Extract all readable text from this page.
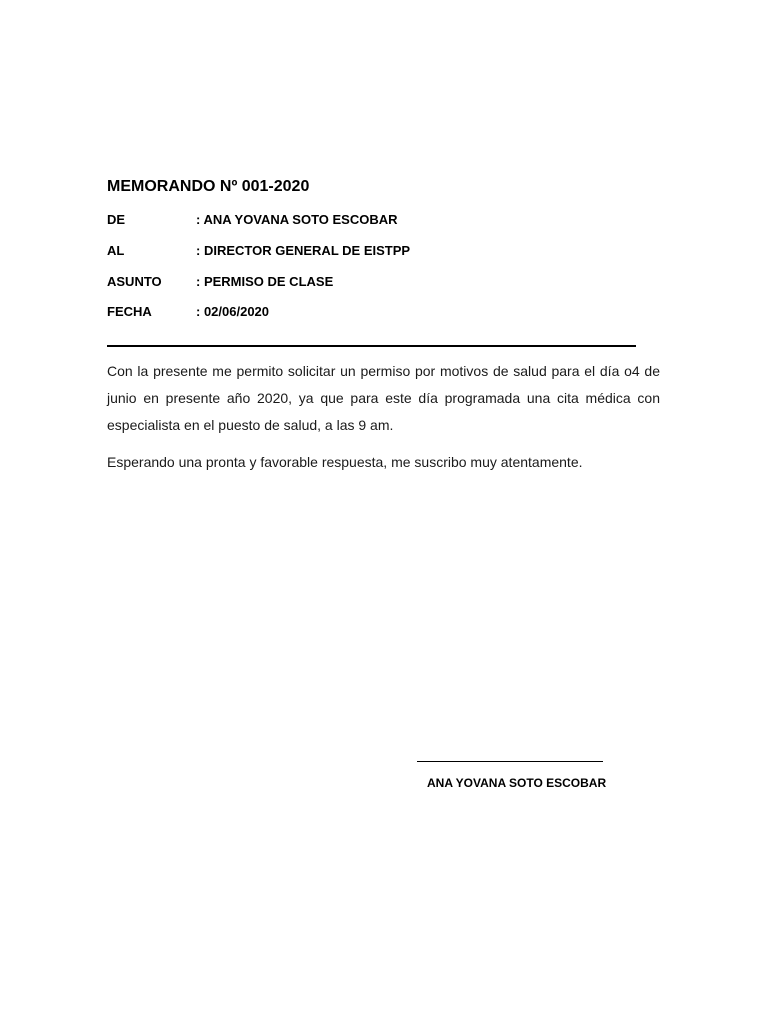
MEMORANDO Nº 001-2020
DE	: ANA YOVANA SOTO ESCOBAR
AL	: DIRECTOR GENERAL DE EISTPP
ASUNTO	: PERMISO DE CLASE
FECHA	: 02/06/2020

Con la presente me permito solicitar un permiso por motivos de salud para el día o4 de junio en presente año 2020, ya que para este día programada una cita médica con especialista en el puesto de salud, a las 9 am.

Esperando una pronta y favorable respuesta, me suscribo muy atentamente.

ANA YOVANA SOTO ESCOBAR
